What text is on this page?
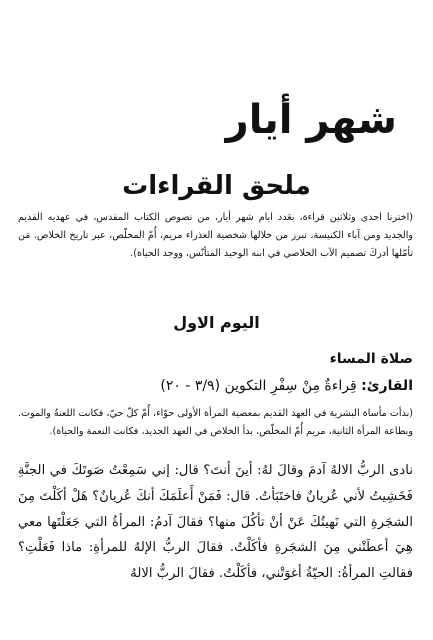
شهر أيار
ملحق القراءات

(اخترنا احدى وثلاثين قراءة، بعَدد ايام شهر أيار، من نصوص الكتاب المقدس، في عهديه القديم والجديد ومن آباء الكنيسة، تبرز من خلالها شخصية العذراء مريم، أُمّ المخلّص، عبر تاريخ الخلاص. مَن تأمّلها أدركَ تصميم الآب الخلاصي في ابنه الوحيد المتأنّس، ووجد الحياة).

اليوم الاول
صلاة المساء

القارئ: قِراءةٌ مِنْ سِفْرِ التكوين (٣/٩ - ٢٠)

(بدأت مأساة البشرية في العهد القديم بمعصية المرأة الأولى حوّاء، أُمّ كلّ حيّ، فكانت اللعنةُ والموت. وبطاعة المرأة الثانية، مريم أُمّ المخلّص، بدأ الخلاص في العهد الجديد، فكانت النعمة والحياة).

نادى الربُّ الالهُ آدمَ وقالَ لهُ: أينَ أنتَ؟ قال: إني سَمِعْتُ صَوتَكَ في الجنَّةِ فَخَشِيتُ لأني عُريانٌ فاختَبَأتُ. قال: فَمَنْ أَعلَمَكَ أنكَ عُريانٌ؟ هَلْ أكَلْتَ مِنَ الشجَرةِ التي نَهيتُكَ عَنْ أنْ تأكُلَ منها؟ فقالَ آدمُ: المرأةُ التي جَعَلْتَها معي هِيَ أعطَتْني مِنَ الشجَرةِ فأكَلْتُ. فقالَ الربُّ الإلهُ للمرأةِ: ماذا فَعَلْتِ؟ فقالتِ المرأةُ: الحيّةُ أغوَتْني، فأكَلْتُ. فقالَ الربُّ الالهُ
